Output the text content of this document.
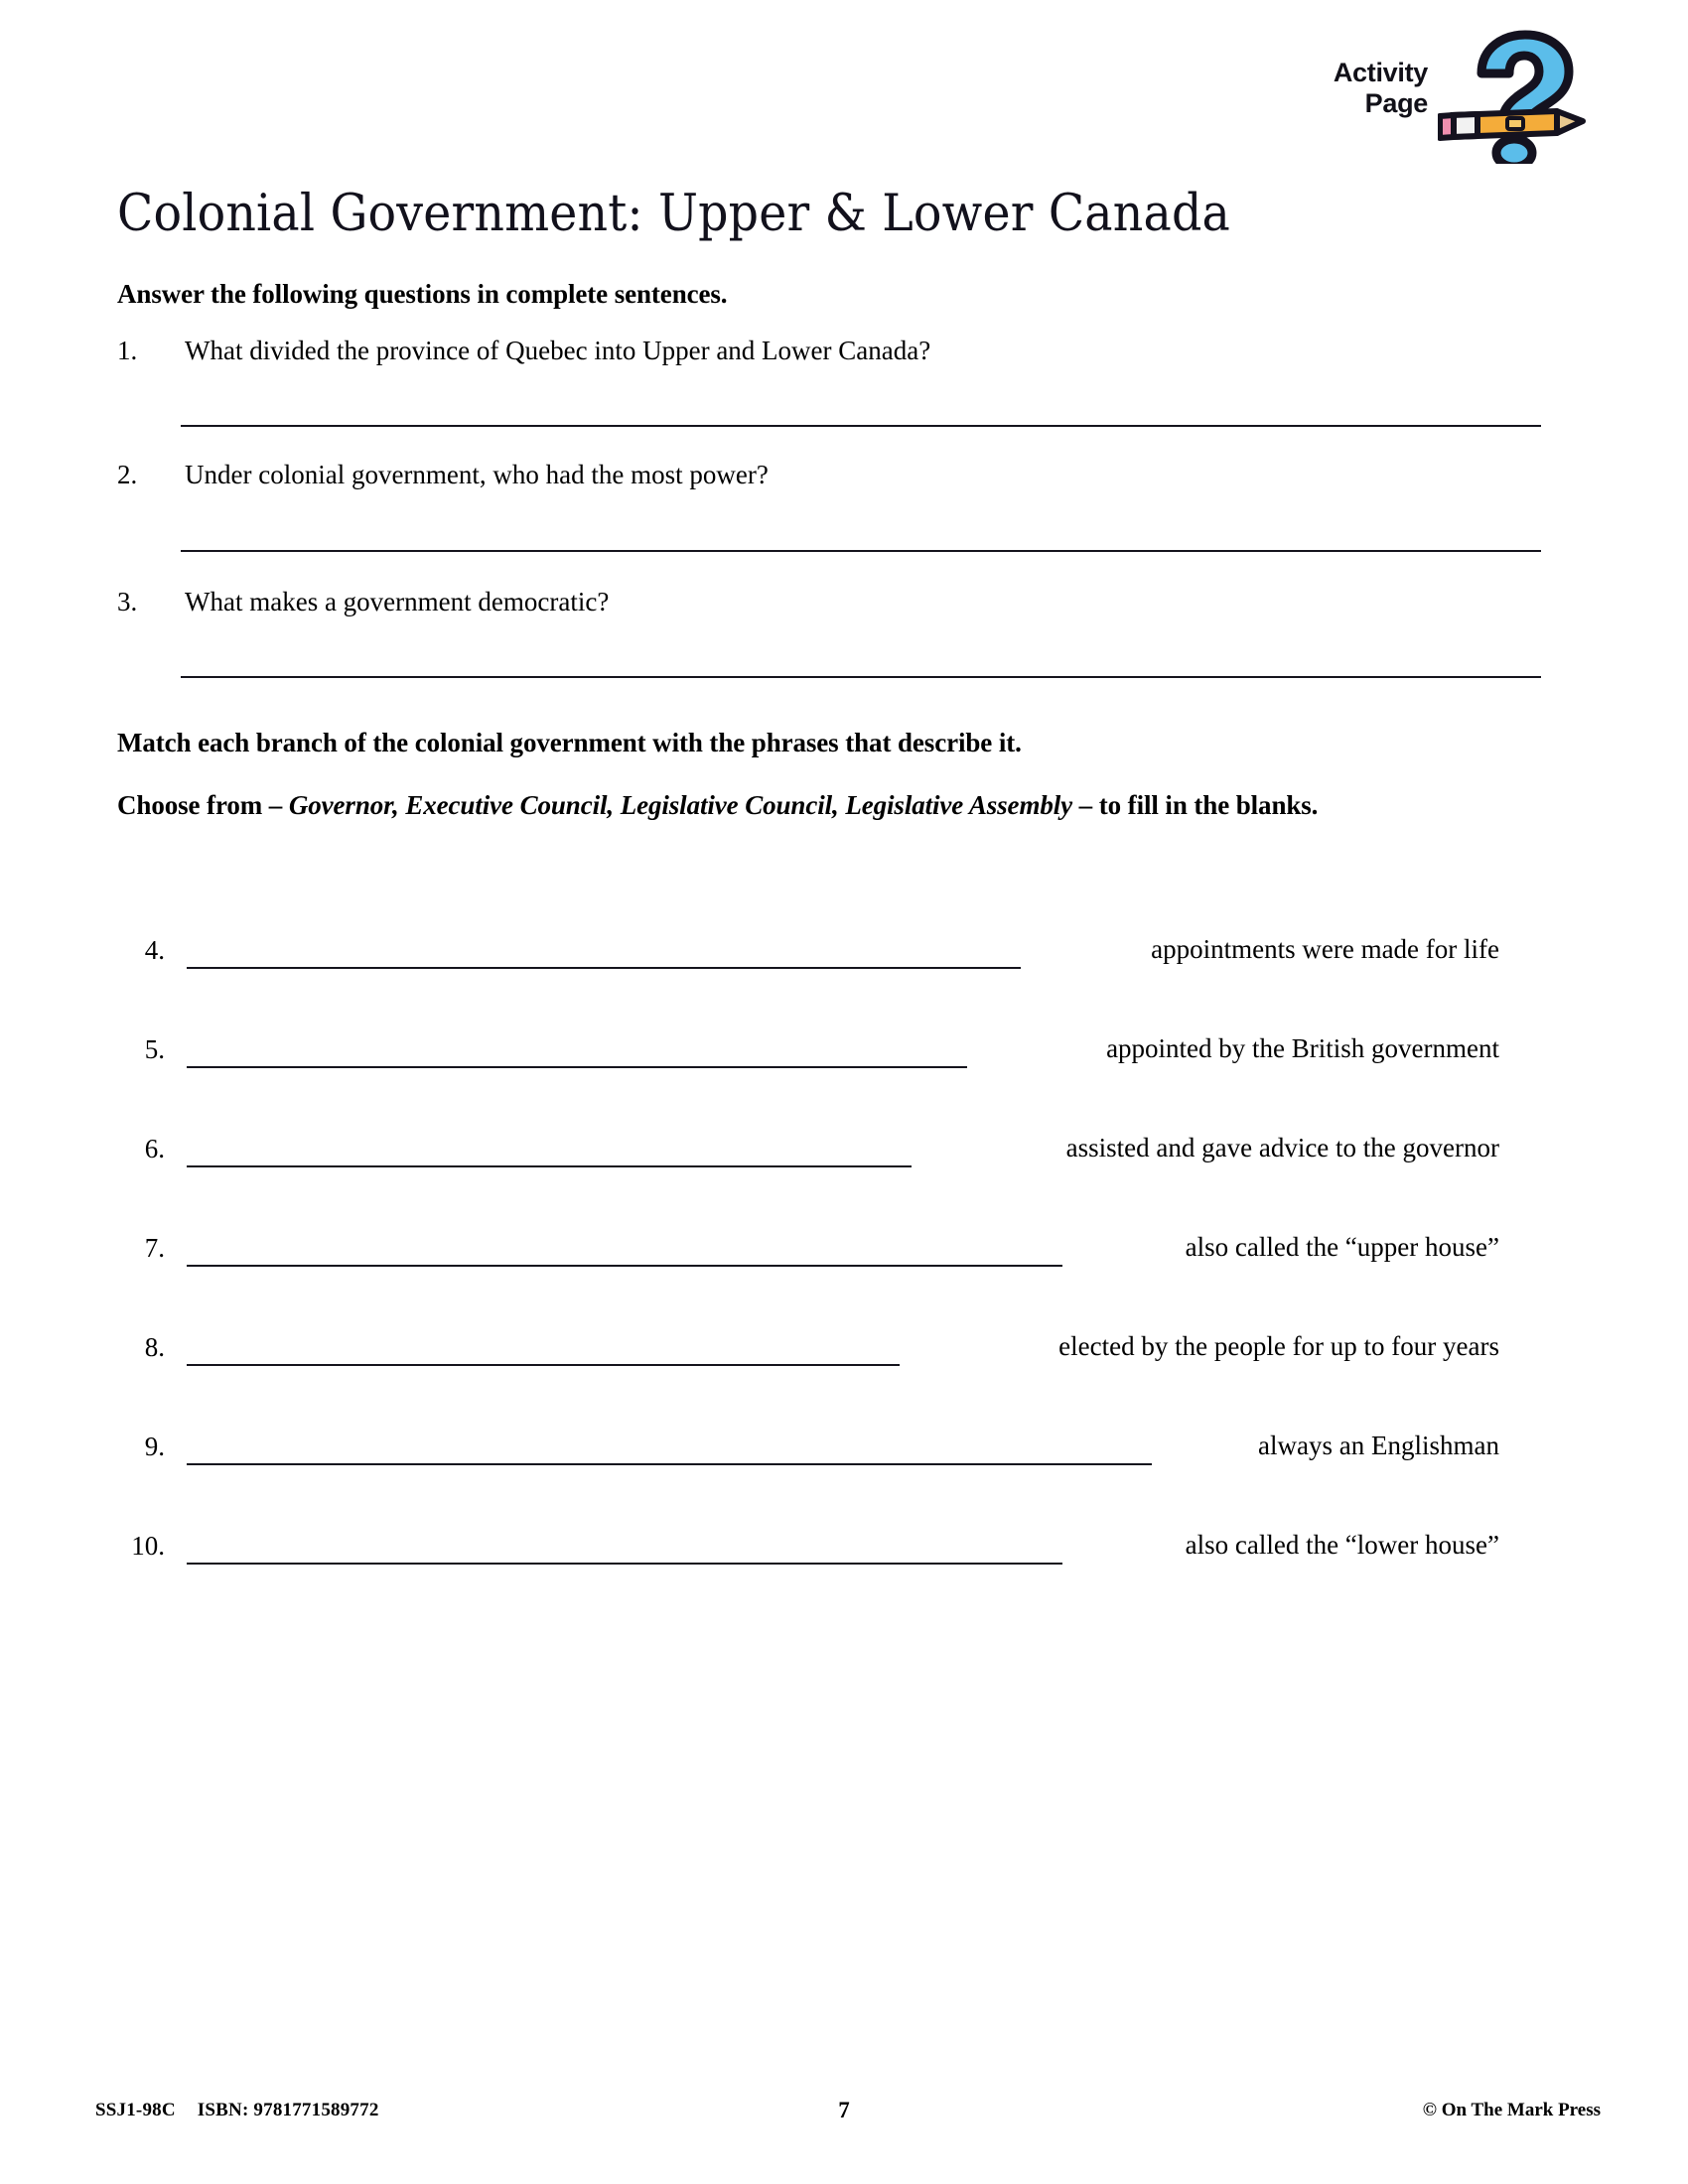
Activity
Page
Colonial Government: Upper & Lower Canada
Answer the following questions in complete sentences.
1.	What divided the province of Quebec into Upper and Lower Canada?
2.	Under colonial government, who had the most power?
3.	What makes a government democratic?
Match each branch of the colonial government with the phrases that describe it.
Choose from – Governor, Executive Council, Legislative Council, Legislative Assembly – to fill in the blanks.
4.	appointments were made for life
5.	appointed by the British government
6.	assisted and gave advice to the governor
7.	also called the “upper house”
8.	elected by the people for up to four years
9.	always an Englishman
10.	also called the “lower house”
SSJ1-98C ISBN: 9781771589772	7	© On The Mark Press
